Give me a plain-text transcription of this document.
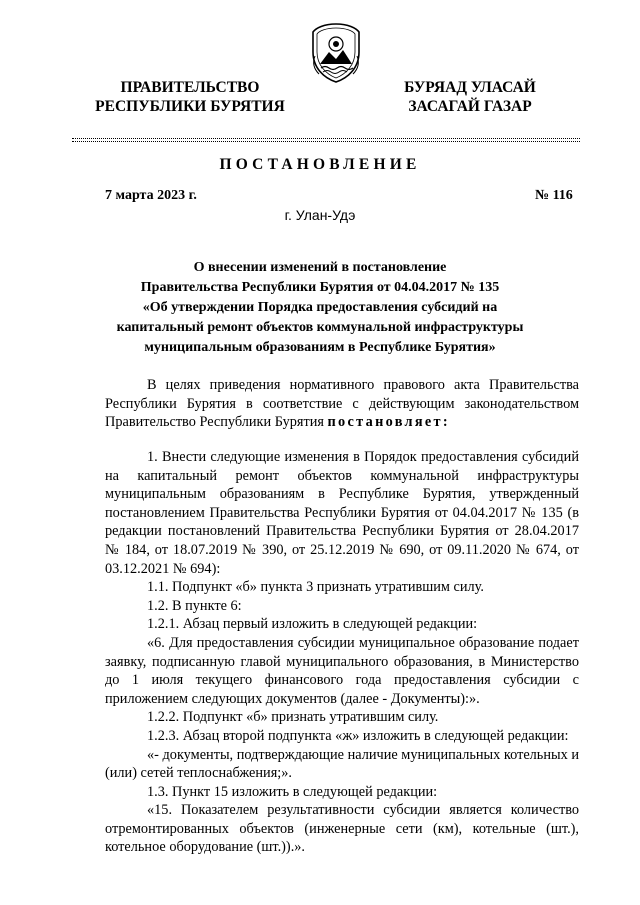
ПРАВИТЕЛЬСТВО
РЕСПУБЛИКИ БУРЯТИЯ
БУРЯАД УЛАСАЙ
ЗАСАГАЙ ГАЗАР
ПОСТАНОВЛЕНИЕ
7 марта 2023 г.	№ 116
г. Улан-Удэ
О внесении изменений в постановление
Правительства Республики Бурятия от 04.04.2017 № 135
«Об утверждении Порядка предоставления субсидий на
капитальный ремонт объектов коммунальной инфраструктуры
муниципальным образованиям в Республике Бурятия»

В целях приведения нормативного правового акта Правительства Республики Бурятия в соответствие с действующим законодательством Правительство Республики Бурятия постановляет:

1. Внести следующие изменения в Порядок предоставления субсидий на капитальный ремонт объектов коммунальной инфраструктуры муниципальным образованиям в Республике Бурятия, утвержденный постановлением Правительства Республики Бурятия от 04.04.2017 № 135 (в редакции постановлений Правительства Республики Бурятия от 28.04.2017 № 184, от 18.07.2019 № 390, от 25.12.2019 № 690, от 09.11.2020 № 674, от 03.12.2021 № 694):

1.1. Подпункт «б» пункта 3 признать утратившим силу.

1.2. В пункте 6:

1.2.1. Абзац первый изложить в следующей редакции:

«6. Для предоставления субсидии муниципальное образование подает заявку, подписанную главой муниципального образования, в Министерство до 1 июля текущего финансового года предоставления субсидии с приложением следующих документов (далее - Документы):».

1.2.2. Подпункт «б» признать утратившим силу.

1.2.3. Абзац второй подпункта «ж» изложить в следующей редакции:

«- документы, подтверждающие наличие муниципальных котельных и (или) сетей теплоснабжения;».

1.3. Пункт 15 изложить в следующей редакции:

«15. Показателем результативности субсидии является количество отремонтированных объектов (инженерные сети (км), котельные (шт.), котельное оборудование (шт.)).».
